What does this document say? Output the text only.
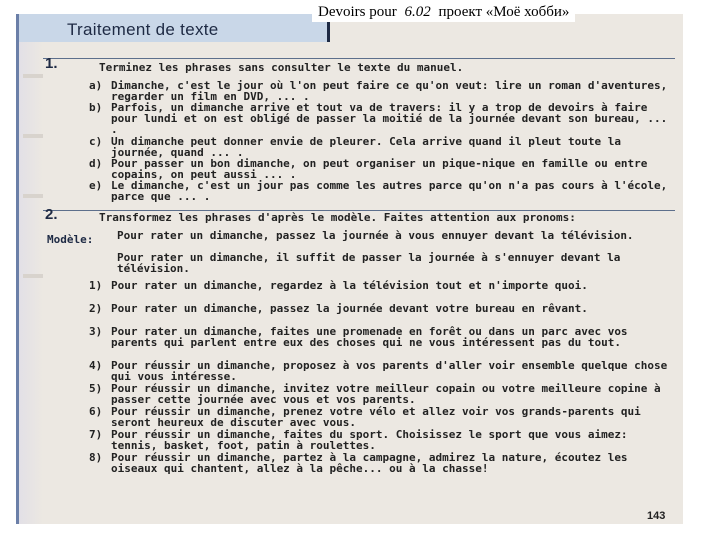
Traitement de texte
1.	Terminez les phrases sans consulter le texte du manuel.
a) Dimanche, c'est le jour où l'on peut faire ce qu'on veut: lire un roman d'aventures, regarder un film en DVD, ... .
b) Parfois, un dimanche arrive et tout va de travers: il y a trop de devoirs à faire pour lundi et on est obligé de passer la moitié de la journée devant son bureau, ... .
c) Un dimanche peut donner envie de pleurer. Cela arrive quand il pleut toute la journée, quand ... .
d) Pour passer un bon dimanche, on peut organiser un pique-nique en famille ou entre copains, on peut aussi ... .
e) Le dimanche, c'est un jour pas comme les autres parce qu'on n'a pas cours à l'école, parce que ... .
2.	Transformez les phrases d'après le modèle. Faites attention aux pronoms:
Modèle: Pour rater un dimanche, passez la journée à vous ennuyer devant la télévision.
Pour rater un dimanche, il suffit de passer la journée à s'ennuyer devant la télévision.
1) Pour rater un dimanche, regardez à la télévision tout et n'importe quoi.
2) Pour rater un dimanche, passez la journée devant votre bureau en rêvant.
3) Pour rater un dimanche, faites une promenade en forêt ou dans un parc avec vos parents qui parlent entre eux des choses qui ne vous intéressent pas du tout.
4) Pour réussir un dimanche, proposez à vos parents d'aller voir ensemble quelque chose qui vous intéresse.
5) Pour réussir un dimanche, invitez votre meilleur copain ou votre meilleure copine à passer cette journée avec vous et vos parents.
6) Pour réussir un dimanche, prenez votre vélo et allez voir vos grands-parents qui seront heureux de discuter avec vous.
7) Pour réussir un dimanche, faites du sport. Choisissez le sport que vous aimez: tennis, basket, foot, patin à roulettes.
8) Pour réussir un dimanche, partez à la campagne, admirez la nature, écoutez les oiseaux qui chantent, allez à la pêche... ou à la chasse!
143
Devoirs pour 6.02 проект «Моё хобби»
